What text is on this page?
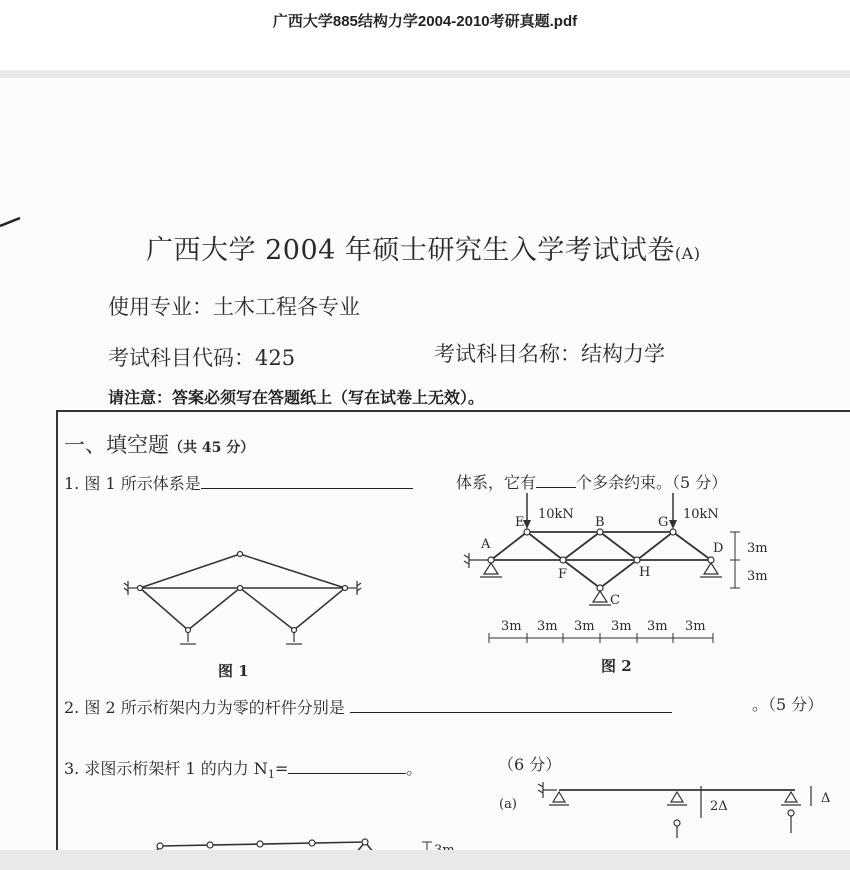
广西大学885结构力学2004-2010考研真题.pdf
广西大学 2004 年硕士研究生入学考试试卷(A)
使用专业：土木工程各专业
考试科目代码：425	考试科目名称：结构力学
请注意：答案必须写在答题纸上（写在试卷上无效）。
一、填空题（共 45 分）
1. 图 1 所示体系是	体系，它有	个多余约束。（5 分）
图 1
10kN	10kN
A
E	B	G
D
F	H
C
3m
3m
3m 3m 3m 3m 3m 3m
图 2
2. 图 2 所示桁架内力为零的杆件分别是	。（5 分）
3. 求图示桁架杆 1 的内力 $N_1=$	。	（6 分）
(a)	2Δ
Δ
